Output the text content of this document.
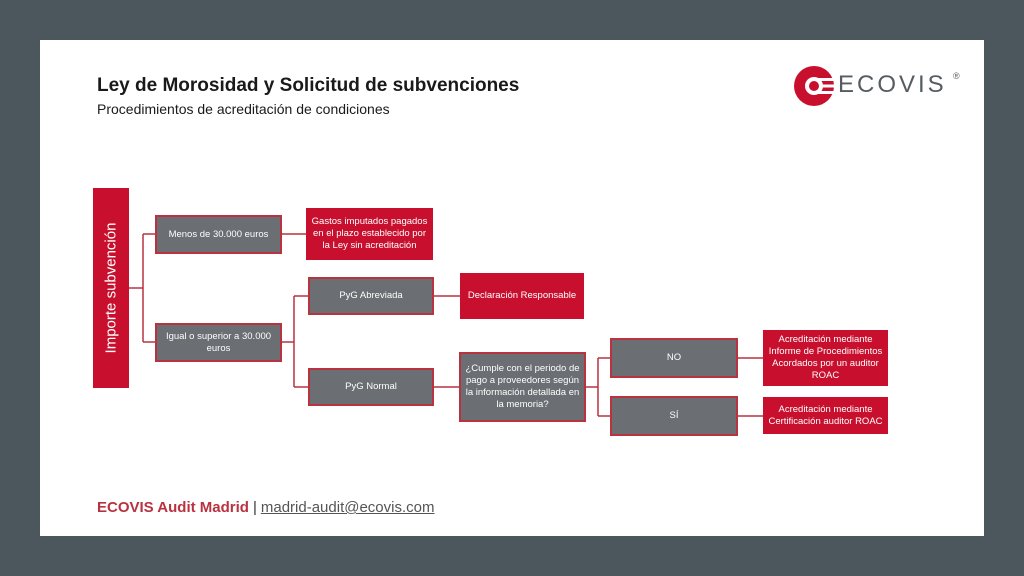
Ley de Morosidad y Solicitud de subvenciones
Procedimientos de acreditación de condiciones
ECOVIS ®
Importe subvención	Menos de 30.000 euros
Igual o superior a 30.000 euros
Gastos imputados pagados en el plazo establecido por la Ley sin acreditación
PyG Abreviada
PyG Normal
Declaración Responsable
¿Cumple con el periodo de pago a proveedores según la información detallada en la memoria?
NO
SÍ
Acreditación mediante Informe de Procedimientos Acordados por un auditor ROAC
Acreditación mediante Certificación auditor ROAC
ECOVIS Audit Madrid | madrid-audit@ecovis.com
